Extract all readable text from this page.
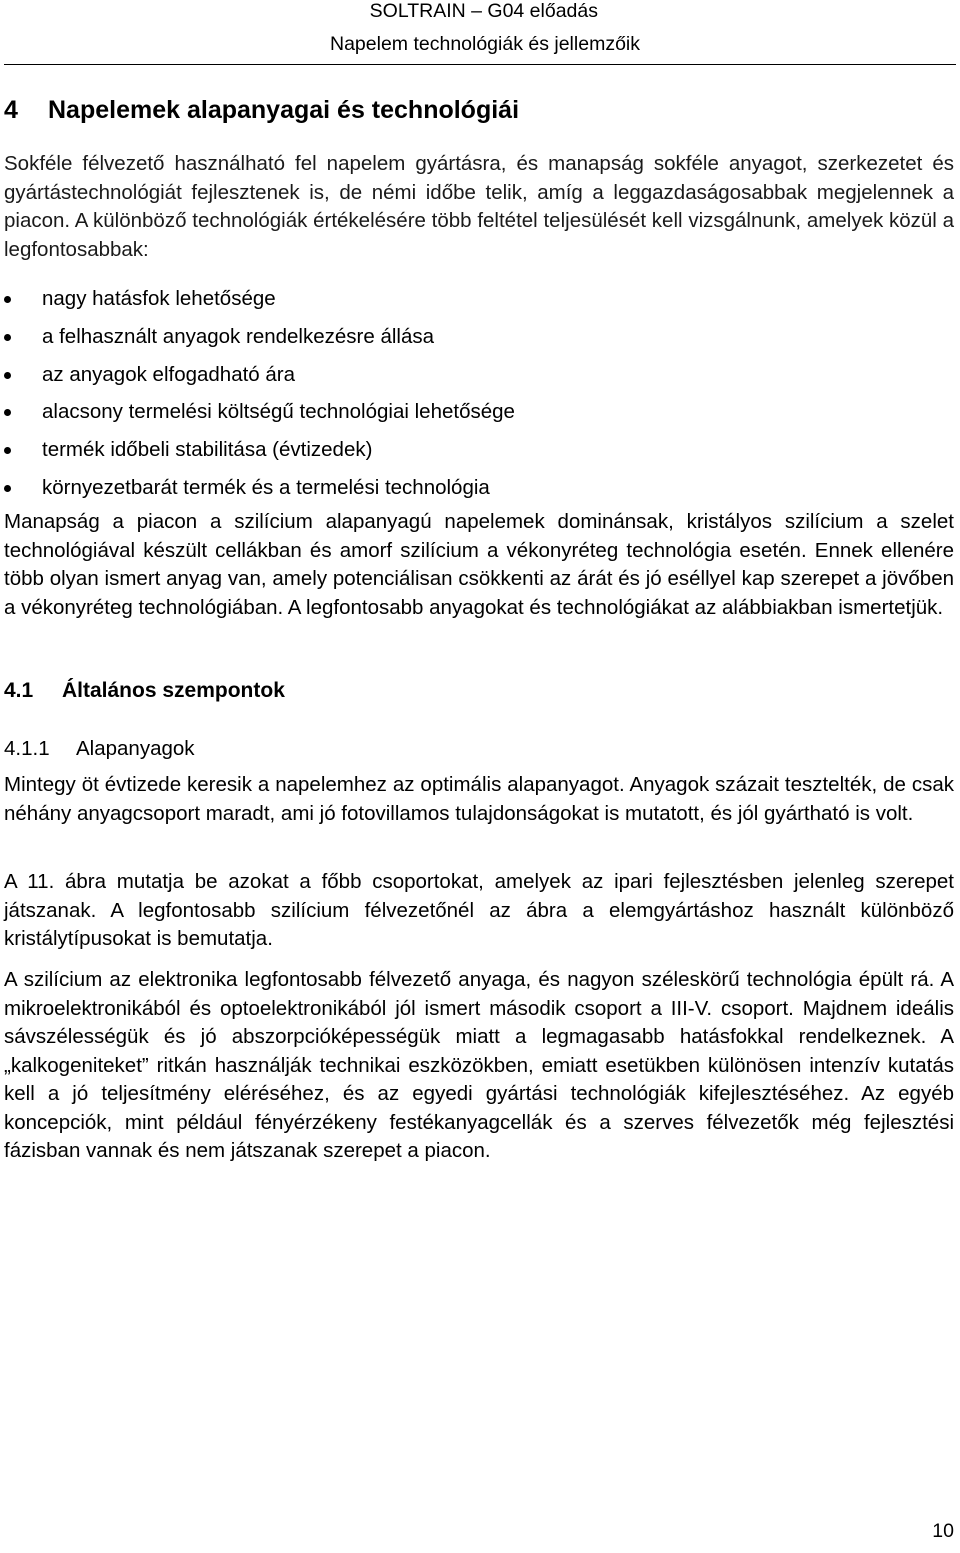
SOLTRAIN – G04 előadás
Napelem technológiák és jellemzőik
4 Napelemek alapanyagai és technológiái

Sokféle félvezető használható fel napelem gyártásra, és manapság sokféle anyagot, szerkezetet és gyártástechnológiát fejlesztenek is, de némi időbe telik, amíg a leggazdaságosabbak megjelennek a piacon. A különböző technológiák értékelésére több feltétel teljesülését kell vizsgálnunk, amelyek közül a legfontosabbak:

nagy hatásfok lehetősége
a felhasznált anyagok rendelkezésre állása
az anyagok elfogadható ára
alacsony termelési költségű technológiai lehetősége
termék időbeli stabilitása (évtizedek)
környezetbarát termék és a termelési technológia

Manapság a piacon a szilícium alapanyagú napelemek dominánsak, kristályos szilícium a szelet technológiával készült cellákban és amorf szilícium a vékonyréteg technológia esetén. Ennek ellenére több olyan ismert anyag van, amely potenciálisan csökkenti az árát és jó eséllyel kap szerepet a jövőben a vékonyréteg technológiában. A legfontosabb anyagokat és technológiákat az alábbiakban ismertetjük.

4.1 Általános szempontok
4.1.1 Alapanyagok

Mintegy öt évtizede keresik a napelemhez az optimális alapanyagot. Anyagok százait tesztelték, de csak néhány anyagcsoport maradt, ami jó fotovillamos tulajdonságokat is mutatott, és jól gyártható is volt.

A 11. ábra mutatja be azokat a főbb csoportokat, amelyek az ipari fejlesztésben jelenleg szerepet játszanak. A legfontosabb szilícium félvezetőnél az ábra a elemgyártáshoz használt különböző kristálytípusokat is bemutatja.

A szilícium az elektronika legfontosabb félvezető anyaga, és nagyon széleskörű technológia épült rá. A mikroelektronikából és optoelektronikából jól ismert második csoport a III-V. csoport. Majdnem ideális sávszélességük és jó abszorpcióképességük miatt a legmagasabb hatásfokkal rendelkeznek. A „kalkogeniteket” ritkán használják technikai eszközökben, emiatt esetükben különösen intenzív kutatás kell a jó teljesítmény eléréséhez, és az egyedi gyártási technológiák kifejlesztéséhez. Az egyéb koncepciók, mint például fényérzékeny festékanyagcellák és a szerves félvezetők még fejlesztési fázisban vannak és nem játszanak szerepet a piacon.

10
